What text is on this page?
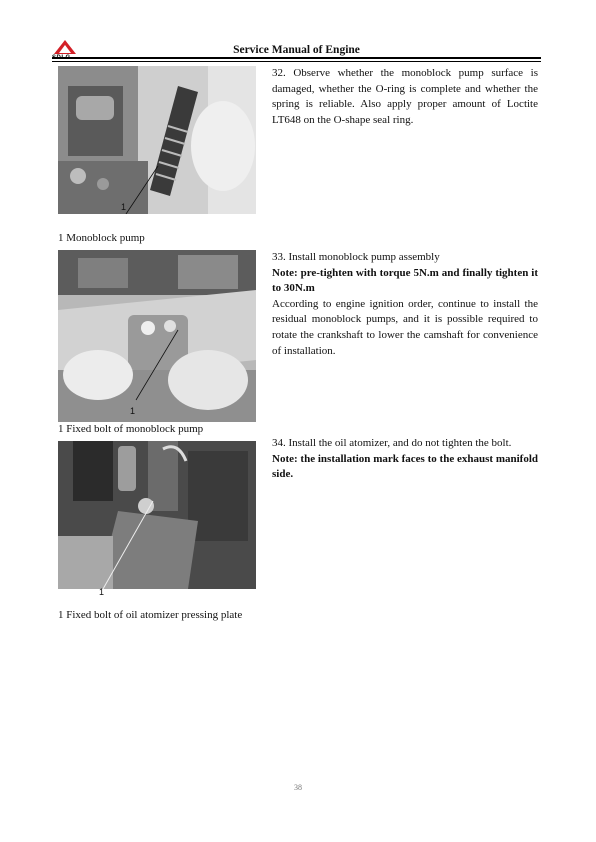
SDLG
Service Manual of Engine
1
1 Monoblock pump
1
1 Fixed bolt of monoblock pump
1
1 Fixed bolt of oil atomizer pressing plate

32. Observe whether the monoblock pump surface is damaged, whether the O-ring is complete and whether the spring is reliable. Also apply proper amount of Loctite LT648 on the O-shape seal ring.

33. Install monoblock pump assembly

Note: pre-tighten with torque 5N.m and finally tighten it to 30N.m

According to engine ignition order, continue to install the residual monoblock pumps, and it is possible required to rotate the crankshaft to lower the camshaft for convenience of installation.

34. Install the oil atomizer, and do not tighten the bolt.

Note: the installation mark faces to the exhaust manifold side.

38
